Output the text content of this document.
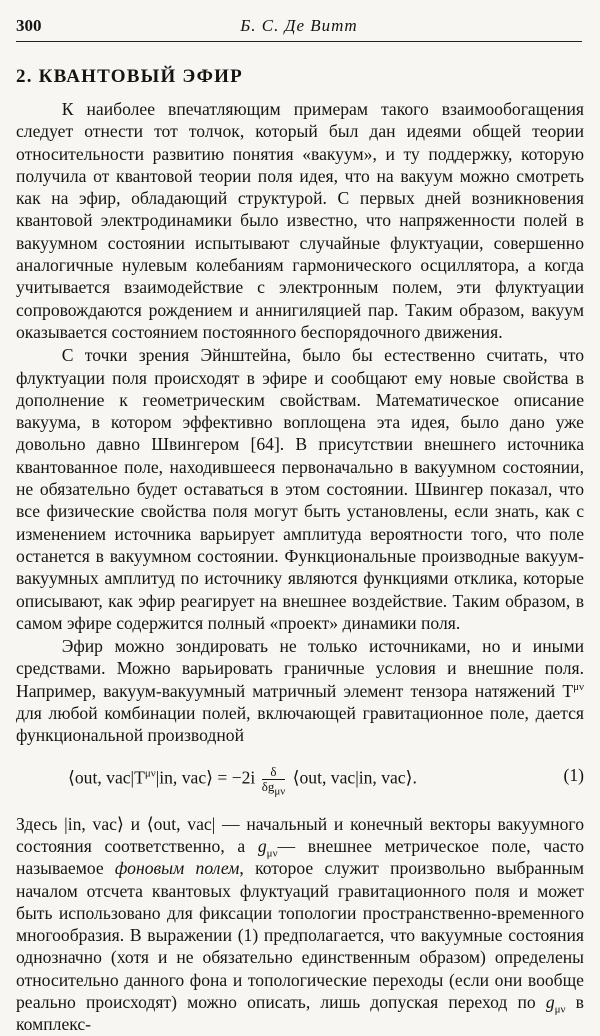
300	Б. С. Де Витт
2. КВАНТОВЫЙ ЭФИР

К наиболее впечатляющим примерам такого взаимообогащения следует отнести тот толчок, который был дан идеями общей теории относительности развитию понятия «вакуум», и ту поддержку, которую получила от квантовой теории поля идея, что на вакуум можно смотреть как на эфир, обладающий структурой. С первых дней возникновения квантовой электродинамики было известно, что напряженности полей в вакуумном состоянии испытывают случайные флуктуации, совершенно аналогичные нулевым колебаниям гармонического осциллятора, а когда учитывается взаимодействие с электронным полем, эти флуктуации сопровождаются рождением и аннигиляцией пар. Таким образом, вакуум оказывается состоянием постоянного беспорядочного движения.

С точки зрения Эйнштейна, было бы естественно считать, что флуктуации поля происходят в эфире и сообщают ему новые свойства в дополнение к геометрическим свойствам. Математическое описание вакуума, в котором эффективно воплощена эта идея, было дано уже довольно давно Швингером [64]. В присутствии внешнего источника квантованное поле, находившееся первоначально в вакуумном состоянии, не обязательно будет оставаться в этом состоянии. Швингер показал, что все физические свойства поля могут быть установлены, если знать, как с изменением источника варьирует амплитуда вероятности того, что поле останется в вакуумном состоянии. Функциональные производные вакуум-вакуумных амплитуд по источнику являются функциями отклика, которые описывают, как эфир реагирует на внешнее воздействие. Таким образом, в самом эфире содержится полный «проект» динамики поля.

Эфир можно зондировать не только источниками, но и иными средствами. Можно варьировать граничные условия и внешние поля. Например, вакуум-вакуумный матричный элемент тензора натяжений $T^{\mu\nu}$ для любой комбинации полей, включающей гравитационное поле, дается функциональной производной

⟨out, $vac|T^{\mu\nu}|in$, vac⟩ = $-2i \frac{\delta}{\delta g_{\mu\nu}}$ ⟨out, vac|in, vac⟩.	(1)

Здесь |in, vac⟩ и ⟨out, vac| — начальный и конечный векторы вакуумного состояния соответственно, а $g_{\mu\nu}—$ внешнее метрическое поле, часто называемое фоновым полем, которое служит произвольно выбранным началом отсчета квантовых флуктуаций гравитационного поля и может быть использовано для фиксации топологии пространственно-временного многообразия. В выражении (1) предполагается, что вакуумные состояния однозначно (хотя и не обязательно единственным образом) определены относительно данного фона и топологические переходы (если они вообще реально происходят) можно описать, лишь допуская переход по $g_{\mu\nu}$ в комплекс-
